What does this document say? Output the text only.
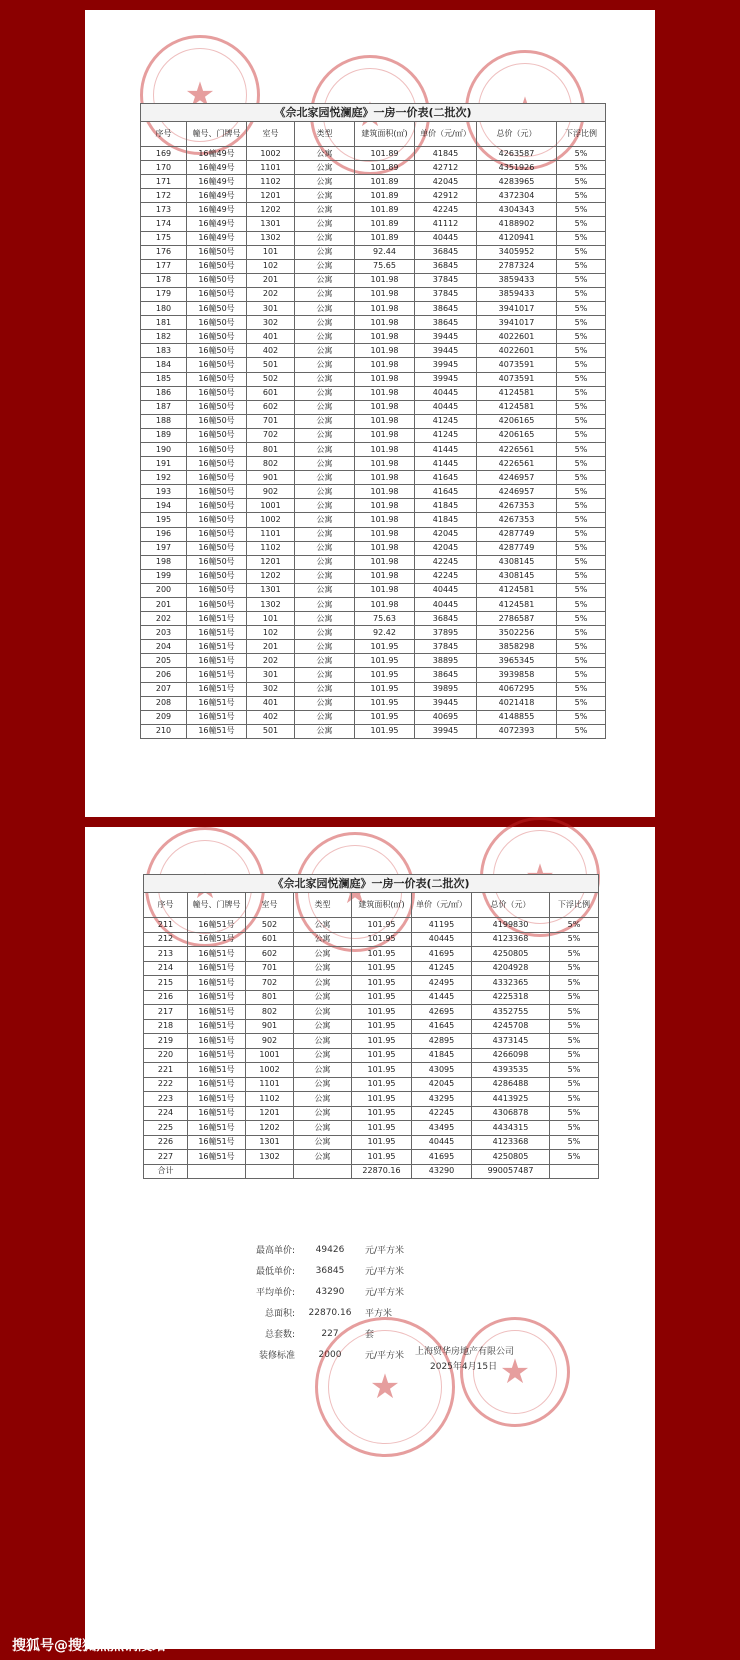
★
★
★
《佘北家园悦澜庭》一房一价表(二批次)							
序号	幢号、门牌号	室号	类型	建筑面积(㎡)	单价（元/㎡）	总价（元）	下浮比例
169	16幢49号	1002	公寓	101.89	41845	4263587	5%
170	16幢49号	1101	公寓	101.89	42712	4351926	5%
171	16幢49号	1102	公寓	101.89	42045	4283965	5%
172	16幢49号	1201	公寓	101.89	42912	4372304	5%
173	16幢49号	1202	公寓	101.89	42245	4304343	5%
174	16幢49号	1301	公寓	101.89	41112	4188902	5%
175	16幢49号	1302	公寓	101.89	40445	4120941	5%
176	16幢50号	101	公寓	92.44	36845	3405952	5%
177	16幢50号	102	公寓	75.65	36845	2787324	5%
178	16幢50号	201	公寓	101.98	37845	3859433	5%
179	16幢50号	202	公寓	101.98	37845	3859433	5%
180	16幢50号	301	公寓	101.98	38645	3941017	5%
181	16幢50号	302	公寓	101.98	38645	3941017	5%
182	16幢50号	401	公寓	101.98	39445	4022601	5%
183	16幢50号	402	公寓	101.98	39445	4022601	5%
184	16幢50号	501	公寓	101.98	39945	4073591	5%
185	16幢50号	502	公寓	101.98	39945	4073591	5%
186	16幢50号	601	公寓	101.98	40445	4124581	5%
187	16幢50号	602	公寓	101.98	40445	4124581	5%
188	16幢50号	701	公寓	101.98	41245	4206165	5%
189	16幢50号	702	公寓	101.98	41245	4206165	5%
190	16幢50号	801	公寓	101.98	41445	4226561	5%
191	16幢50号	802	公寓	101.98	41445	4226561	5%
192	16幢50号	901	公寓	101.98	41645	4246957	5%
193	16幢50号	902	公寓	101.98	41645	4246957	5%
194	16幢50号	1001	公寓	101.98	41845	4267353	5%
195	16幢50号	1002	公寓	101.98	41845	4267353	5%
196	16幢50号	1101	公寓	101.98	42045	4287749	5%
197	16幢50号	1102	公寓	101.98	42045	4287749	5%
198	16幢50号	1201	公寓	101.98	42245	4308145	5%
199	16幢50号	1202	公寓	101.98	42245	4308145	5%
200	16幢50号	1301	公寓	101.98	40445	4124581	5%
201	16幢50号	1302	公寓	101.98	40445	4124581	5%
202	16幢51号	101	公寓	75.63	36845	2786587	5%
203	16幢51号	102	公寓	92.42	37895	3502256	5%
204	16幢51号	201	公寓	101.95	37845	3858298	5%
205	16幢51号	202	公寓	101.95	38895	3965345	5%
206	16幢51号	301	公寓	101.95	38645	3939858	5%
207	16幢51号	302	公寓	101.95	39895	4067295	5%
208	16幢51号	401	公寓	101.95	39445	4021418	5%
209	16幢51号	402	公寓	101.95	40695	4148855	5%
210	16幢51号	501	公寓	101.95	39945	4072393	5%
★
★
★
《佘北家园悦澜庭》一房一价表(二批次)							
序号	幢号、门牌号	室号	类型	建筑面积(㎡)	单价（元/㎡）	总价（元）	下浮比例
211	16幢51号	502	公寓	101.95	41195	4199830	5%
212	16幢51号	601	公寓	101.95	40445	4123368	5%
213	16幢51号	602	公寓	101.95	41695	4250805	5%
214	16幢51号	701	公寓	101.95	41245	4204928	5%
215	16幢51号	702	公寓	101.95	42495	4332365	5%
216	16幢51号	801	公寓	101.95	41445	4225318	5%
217	16幢51号	802	公寓	101.95	42695	4352755	5%
218	16幢51号	901	公寓	101.95	41645	4245708	5%
219	16幢51号	902	公寓	101.95	42895	4373145	5%
220	16幢51号	1001	公寓	101.95	41845	4266098	5%
221	16幢51号	1002	公寓	101.95	43095	4393535	5%
222	16幢51号	1101	公寓	101.95	42045	4286488	5%
223	16幢51号	1102	公寓	101.95	43295	4413925	5%
224	16幢51号	1201	公寓	101.95	42245	4306878	5%
225	16幢51号	1202	公寓	101.95	43495	4434315	5%
226	16幢51号	1301	公寓	101.95	40445	4123368	5%
227	16幢51号	1302	公寓	101.95	41695	4250805	5%
合计				22870.16	43290	990057487	
最高单价:	49426	元/平方米
最低单价:	36845	元/平方米
平均单价:	43290	元/平方米
总面积:	22870.16	平方米
总套数:	227	套
装修标准	2000	元/平方米 ★ ★	上海贸华房地产有限公司
2025年4月15日
搜狐号@搜狐焦点铜陵站
